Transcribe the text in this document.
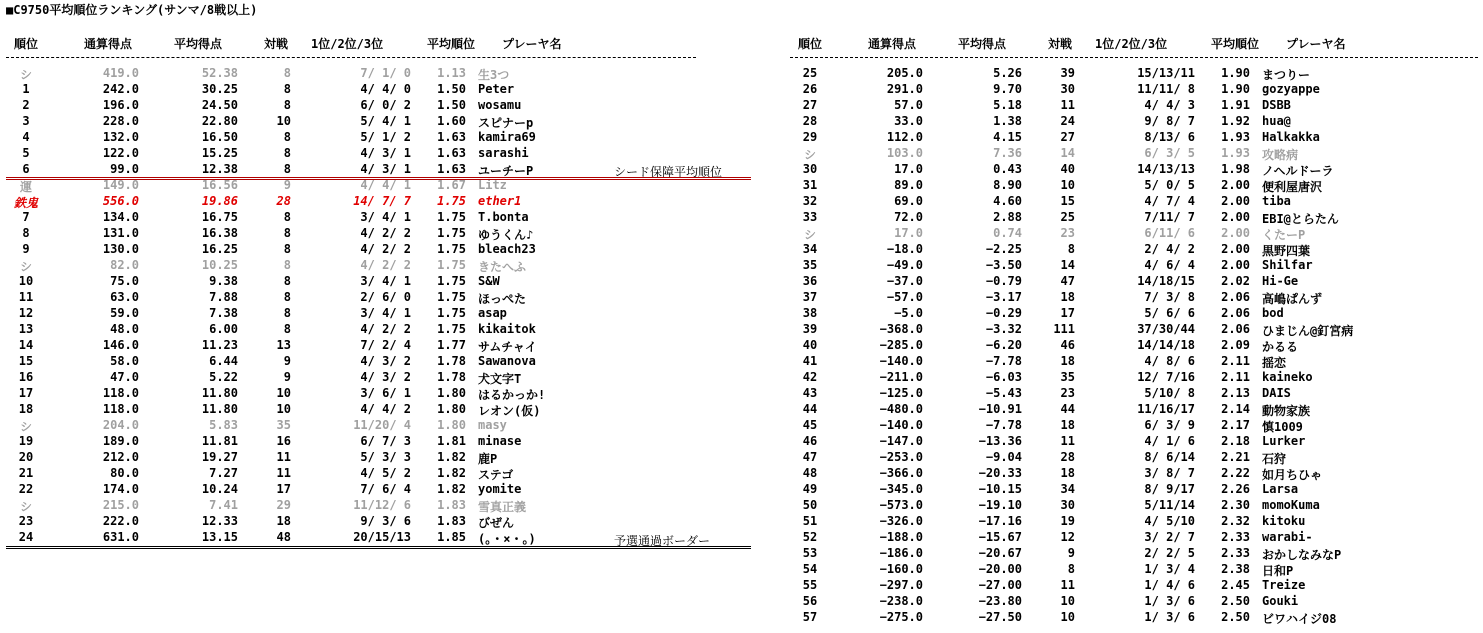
■C9750平均順位ランキング(サンマ/8戦以上)
順位	通算得点	平均得点	対戦 1位/2位/3位	平均順位 プレーヤ名
シ	419.0	52.38	8	7/ 1/ 0	1.13 生3つ
1	242.0	30.25	8	4/ 4/ 0	1.50 Peter
2	196.0	24.50	8	6/ 0/ 2	1.50 wosamu
3	228.0	22.80	10	5/ 4/ 1	1.60 スピナーp
4	132.0	16.50	8	5/ 1/ 2	1.63 kamira69
5	122.0	15.25	8	4/ 3/ 1	1.63 sarashi
6	99.0	12.38	8	4/ 3/ 1	1.63 ユーチーP
運	149.0	16.56	9	4/ 4/ 1	1.67 Litz
鉄鬼	556.0	19.86	28	14/ 7/ 7	1.75 ether1
7	134.0	16.75	8	3/ 4/ 1	1.75 T.bonta
8	131.0	16.38	8	4/ 2/ 2	1.75 ゆうくん♪
9	130.0	16.25	8	4/ 2/ 2	1.75 bleach23
シ	82.0	10.25	8	4/ 2/ 2	1.75 きたへふ
10	75.0	9.38	8	3/ 4/ 1	1.75 S&W
11	63.0	7.88	8	2/ 6/ 0	1.75 ほっぺた
12	59.0	7.38	8	3/ 4/ 1	1.75 asap
13	48.0	6.00	8	4/ 2/ 2	1.75 kikaitok
14	146.0	11.23	13	7/ 2/ 4	1.77 サムチャイ
15	58.0	6.44	9	4/ 3/ 2	1.78 Sawanova
16	47.0	5.22	9	4/ 3/ 2	1.78 犬文字T
17	118.0	11.80	10	3/ 6/ 1	1.80 はるかっか!
18	118.0	11.80	10	4/ 4/ 2	1.80 レオン(仮)
シ	204.0	5.83	35	11/20/ 4	1.80 masy
19	189.0	11.81	16	6/ 7/ 3	1.81 minase
20	212.0	19.27	11	5/ 3/ 3	1.82 鹿P
21	80.0	7.27	11	4/ 5/ 2	1.82 ステゴ
22	174.0	10.24	17	7/ 6/ 4	1.82 yomite
シ	215.0	7.41	29	11/12/ 6	1.83 雪真正義
23	222.0	12.33	18	9/ 3/ 6	1.83 びぜん
24	631.0	13.15	48	20/15/13	1.85 (。・×・。)
シード保障平均順位
予選通過ボーダー
順位	通算得点	平均得点	対戦 1位/2位/3位	平均順位 プレーヤ名
25	205.0	5.26	39	15/13/11	1.90 まつりー
26	291.0	9.70	30	11/11/ 8	1.90 gozyappe
27	57.0	5.18	11	4/ 4/ 3	1.91 DSBB
28	33.0	1.38	24	9/ 8/ 7	1.92 hua@
29	112.0	4.15	27	8/13/ 6	1.93 Halkakka
シ	103.0	7.36	14	6/ 3/ 5	1.93 攻略病
30	17.0	0.43	40	14/13/13	1.98 ノヘルドーラ
31	89.0	8.90	10	5/ 0/ 5	2.00 便利屋唐沢
32	69.0	4.60	15	4/ 7/ 4	2.00 tiba
33	72.0	2.88	25	7/11/ 7	2.00 EBI@とらたん
シ	17.0	0.74	23	6/11/ 6	2.00 くたーP
34	−18.0	−2.25	8	2/ 4/ 2	2.00 黒野四葉
35	−49.0	−3.50	14	4/ 6/ 4	2.00 Shilfar
36	−37.0	−0.79	47	14/18/15	2.02 Hi-Ge
37	−57.0	−3.17	18	7/ 3/ 8	2.06 高嶋ぱんず
38	−5.0	−0.29	17	5/ 6/ 6	2.06 bod
39	−368.0	−3.32	111	37/30/44	2.06 ひまじん@釘宮病
40	−285.0	−6.20	46	14/14/18	2.09 かるる
41	−140.0	−7.78	18	4/ 8/ 6	2.11 揺恋
42	−211.0	−6.03	35	12/ 7/16	2.11 kaineko
43	−125.0	−5.43	23	5/10/ 8	2.13 DAIS
44	−480.0	−10.91	44	11/16/17	2.14 動物家族
45	−140.0	−7.78	18	6/ 3/ 9	2.17 慎1009
46	−147.0	−13.36	11	4/ 1/ 6	2.18 Lurker
47	−253.0	−9.04	28	8/ 6/14	2.21 石狩
48	−366.0	−20.33	18	3/ 8/ 7	2.22 如月ちひゃ
49	−345.0	−10.15	34	8/ 9/17	2.26 Larsa
50	−573.0	−19.10	30	5/11/14	2.30 momoKuma
51	−326.0	−17.16	19	4/ 5/10	2.32 kitoku
52	−188.0	−15.67	12	3/ 2/ 7	2.33 warabi-
53	−186.0	−20.67	9	2/ 2/ 5	2.33 おかしなみなP
54	−160.0	−20.00	8	1/ 3/ 4	2.38 日和P
55	−297.0	−27.00	11	1/ 4/ 6	2.45 Treize
56	−238.0	−23.80	10	1/ 3/ 6	2.50 Gouki
57	−275.0	−27.50	10	1/ 3/ 6	2.50 ビワハイジ08
